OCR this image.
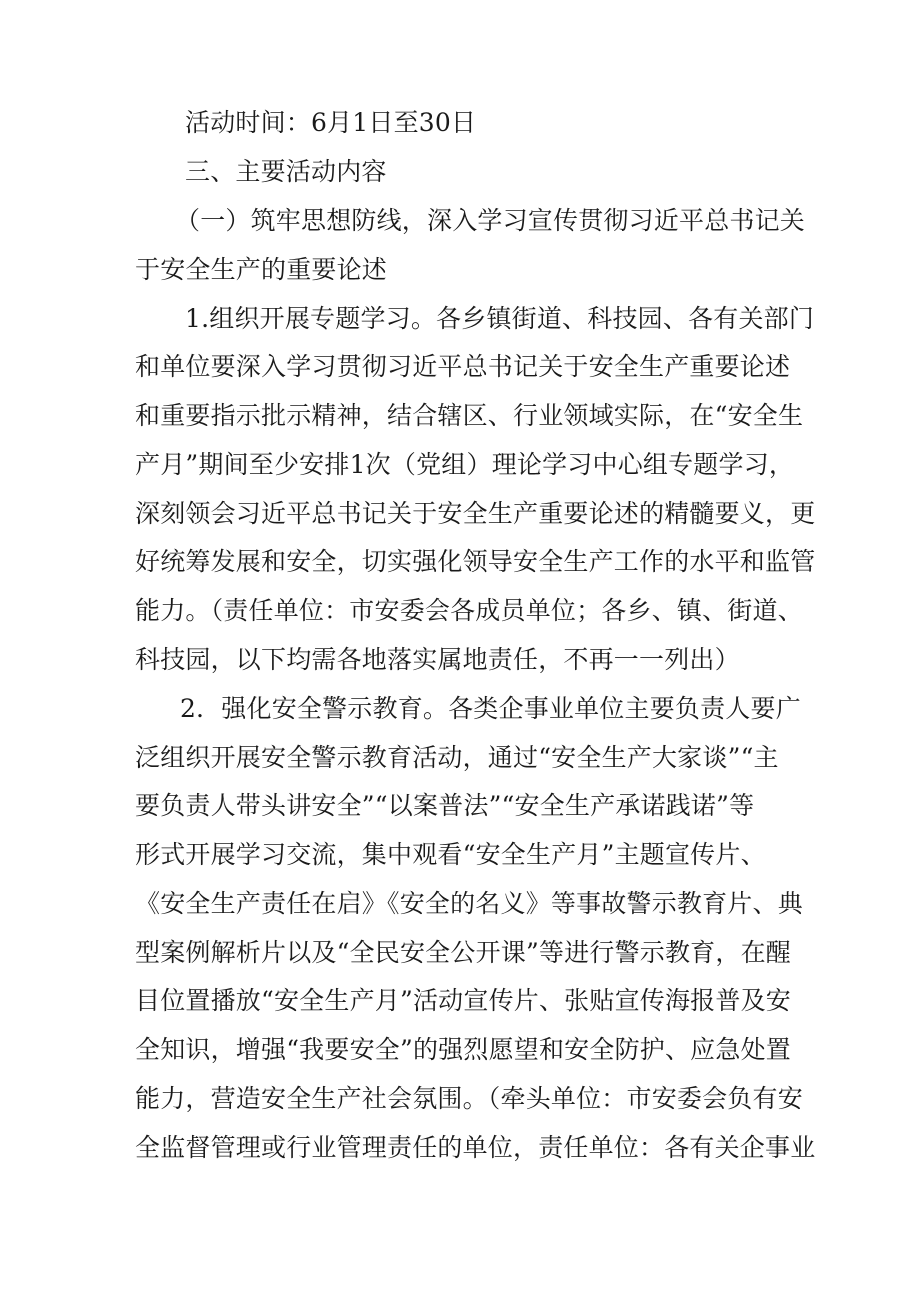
活动时间：6月1日至30日
三、主要活动内容
（一）筑牢思想防线，深入学习宣传贯彻习近平总书记关
于安全生产的重要论述
1.组织开展专题学习。各乡镇街道、科技园、各有关部门
和单位要深入学习贯彻习近平总书记关于安全生产重要论述
和重要指示批示精神，结合辖区、行业领域实际，在“安全生
产月”期间至少安排1次（党组）理论学习中心组专题学习，
深刻领会习近平总书记关于安全生产重要论述的精髓要义，更
好统筹发展和安全，切实强化领导安全生产工作的水平和监管
能力。（责任单位：市安委会各成员单位；各乡、镇、街道、
科技园，以下均需各地落实属地责任，不再一一列出）
2．强化安全警示教育。各类企事业单位主要负责人要广
泛组织开展安全警示教育活动，通过“安全生产大家谈”“主
要负责人带头讲安全”“以案普法”“安全生产承诺践诺”等
形式开展学习交流，集中观看“安全生产月”主题宣传片、
《安全生产责任在启》《安全的名义》等事故警示教育片、典
型案例解析片以及“全民安全公开课”等进行警示教育，在醒
目位置播放“安全生产月”活动宣传片、张贴宣传海报普及安
全知识，增强“我要安全”的强烈愿望和安全防护、应急处置
能力，营造安全生产社会氛围。（牵头单位：市安委会负有安
全监督管理或行业管理责任的单位，责任单位：各有关企事业
